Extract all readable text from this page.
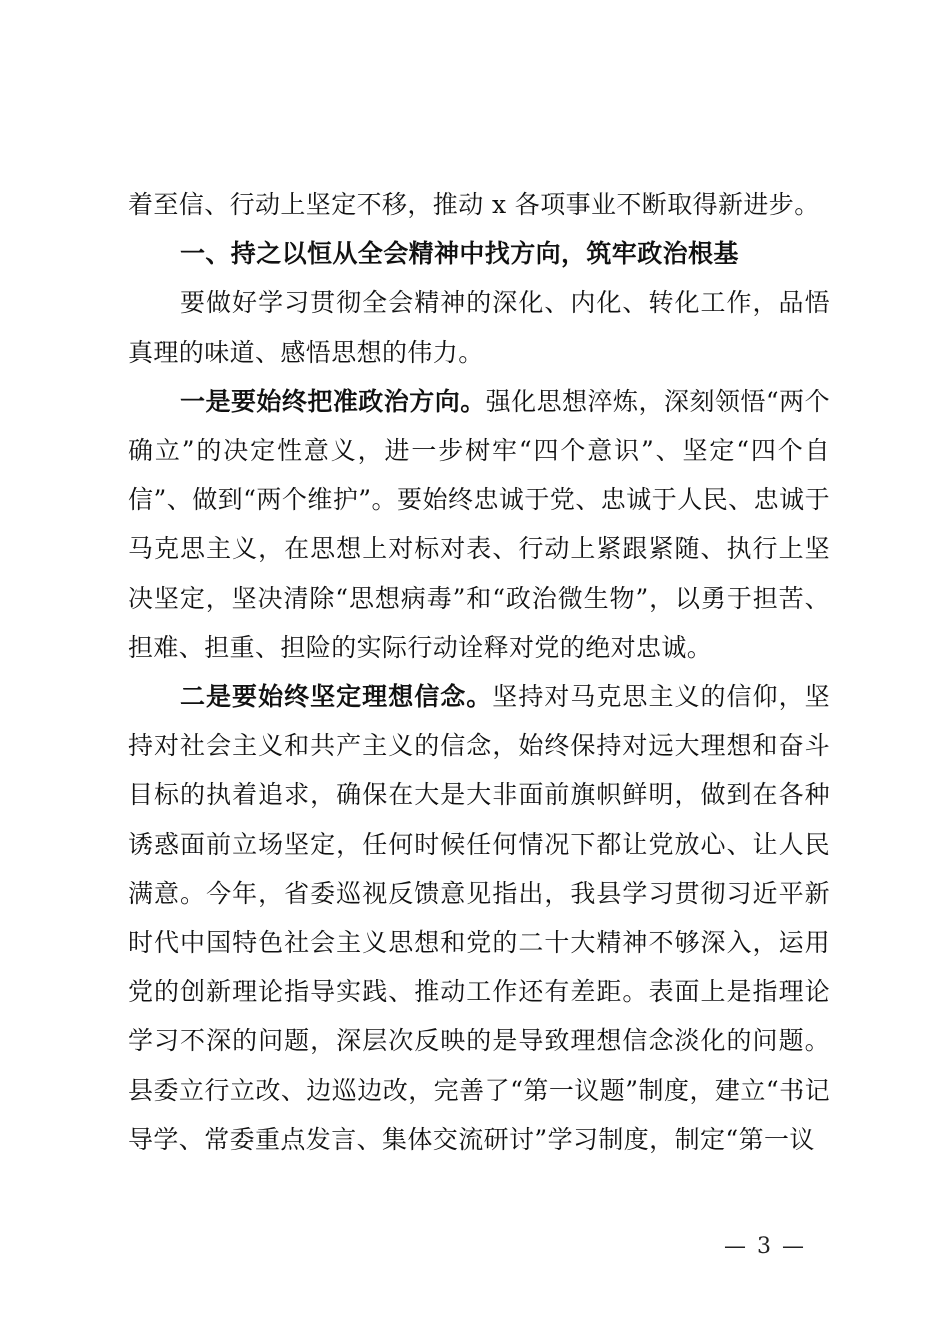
着至信、行动上坚定不移，推动 x 各项事业不断取得新进步。

一、持之以恒从全会精神中找方向，筑牢政治根基

要做好学习贯彻全会精神的深化、内化、转化工作，品悟真理的味道、感悟思想的伟力。

一是要始终把准政治方向。强化思想淬炼，深刻领悟“两个确立”的决定性意义，进一步树牢“四个意识”、坚定“四个自信”、做到“两个维护”。要始终忠诚于党、忠诚于人民、忠诚于马克思主义，在思想上对标对表、行动上紧跟紧随、执行上坚决坚定，坚决清除“思想病毒”和“政治微生物”，以勇于担苦、担难、担重、担险的实际行动诠释对党的绝对忠诚。

二是要始终坚定理想信念。坚持对马克思主义的信仰，坚持对社会主义和共产主义的信念，始终保持对远大理想和奋斗目标的执着追求，确保在大是大非面前旗帜鲜明，做到在各种诱惑面前立场坚定，任何时候任何情况下都让党放心、让人民满意。今年，省委巡视反馈意见指出，我县学习贯彻习近平新时代中国特色社会主义思想和党的二十大精神不够深入，运用党的创新理论指导实践、推动工作还有差距。表面上是指理论学习不深的问题，深层次反映的是导致理想信念淡化的问题。县委立行立改、边巡边改，完善了“第一议题”制度，建立“书记导学、常委重点发言、集体交流研讨”学习制度，制定“第一议

— 3 —
